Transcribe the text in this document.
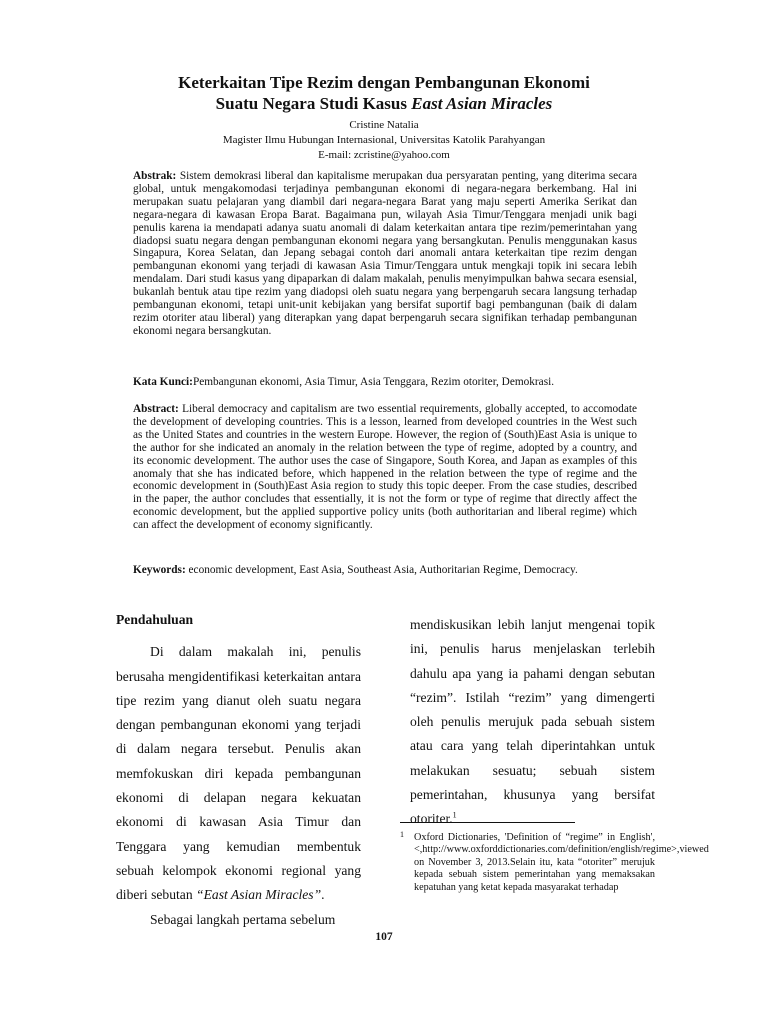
Keterkaitan Tipe Rezim dengan Pembangunan Ekonomi
Suatu Negara Studi Kasus East Asian Miracles
Cristine Natalia
Magister Ilmu Hubungan Internasional, Universitas Katolik Parahyangan
E-mail: zcristine@yahoo.com
Abstrak: Sistem demokrasi liberal dan kapitalisme merupakan dua persyaratan penting, yang diterima secara global, untuk mengakomodasi terjadinya pembangunan ekonomi di negara-negara berkembang. Hal ini merupakan suatu pelajaran yang diambil dari negara-negara Barat yang maju seperti Amerika Serikat dan negara-negara di kawasan Eropa Barat. Bagaimana pun, wilayah Asia Timur/Tenggara menjadi unik bagi penulis karena ia mendapati adanya suatu anomali di dalam keterkaitan antara tipe rezim/pemerintahan yang diadopsi suatu negara dengan pembangunan ekonomi negara yang bersangkutan. Penulis menggunakan kasus Singapura, Korea Selatan, dan Jepang sebagai contoh dari anomali antara keterkaitan tipe rezim dengan pembangunan ekonomi yang terjadi di kawasan Asia Timur/Tenggara untuk mengkaji topik ini secara lebih mendalam. Dari studi kasus yang dipaparkan di dalam makalah, penulis menyimpulkan bahwa secara esensial, bukanlah bentuk atau tipe rezim yang diadopsi oleh suatu negara yang berpengaruh secara langsung terhadap pembangunan ekonomi, tetapi unit-unit kebijakan yang bersifat suportif bagi pembangunan (baik di dalam rezim otoriter atau liberal) yang diterapkan yang dapat berpengaruh secara signifikan terhadap pembangunan ekonomi negara bersangkutan.
Kata Kunci:Pembangunan ekonomi, Asia Timur, Asia Tenggara, Rezim otoriter, Demokrasi.
Abstract: Liberal democracy and capitalism are two essential requirements, globally accepted, to accomodate the development of developing countries. This is a lesson, learned from developed countries in the West such as the United States and countries in the western Europe. However, the region of (South)East Asia is unique to the author for she indicated an anomaly in the relation between the type of regime, adopted by a country, and its economic development. The author uses the case of Singapore, South Korea, and Japan as examples of this anomaly that she has indicated before, which happened in the relation between the type of regime and the economic development in (South)East Asia region to study this topic deeper. From the case studies, described in the paper, the author concludes that essentially, it is not the form or type of regime that directly affect the economic development, but the applied supportive policy units (both authoritarian and liberal regime) which can affect the development of economy significantly.
Keywords: economic development, East Asia, Southeast Asia, Authoritarian Regime, Democracy.
Pendahuluan

Di dalam makalah ini, penulis berusaha mengidentifikasi keterkaitan antara tipe rezim yang dianut oleh suatu negara dengan pembangunan ekonomi yang terjadi di dalam negara tersebut. Penulis akan memfokuskan diri kepada pembangunan ekonomi di delapan negara kekuatan ekonomi di kawasan Asia Timur dan Tenggara yang kemudian membentuk sebuah kelompok ekonomi regional yang diberi sebutan “East Asian Miracles”.

Sebagai langkah pertama sebelum

mendiskusikan lebih lanjut mengenai topik ini, penulis harus menjelaskan terlebih dahulu apa yang ia pahami dengan sebutan “rezim”. Istilah “rezim” yang dimengerti oleh penulis merujuk pada sebuah sistem atau cara yang telah diperintahkan untuk melakukan sesuatu; sebuah sistem pemerintahan, khusunya yang bersifat otoriter.$^1$

1 Oxford Dictionaries, 'Definition of “regime” in English',<,http://www.oxforddictionaries.com/definition/english/regime>,viewed on November 3, 2013.Selain itu, kata “otoriter” merujuk kepada sebuah sistem pemerintahan yang memaksakan kepatuhan yang ketat kepada masyarakat terhadap
107
